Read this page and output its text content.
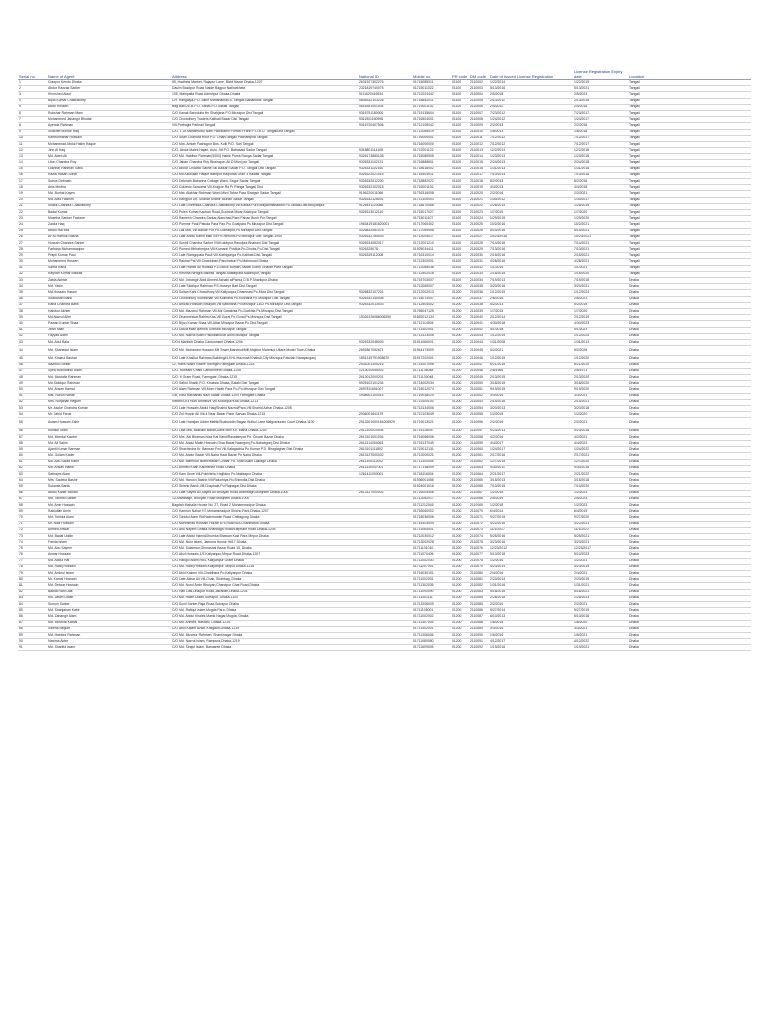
Serial no	Name of Agent	Address	National ID	Mobile no.	PR code	DM code	Date of Issued License Registration	License Registration Expiry date	Location
1	Golapur Kendo Dhaka	55, Hadheia Market, Rajapur Lane, Bizid Nazar Dhaka-1207	2631927302276	01715085011	01100	2110002	1/22/2014	1/22/2019	Tangail
2	Abdur Razzak Sarker	Daulin Bazdpur Road Nalde Bagpur Natharkhela	2321819740075	01715011022	01100	2110003	5/13/2016	5/13/2021	Tangail
3	Khorshed Alam	105, Mahipalta Road Adrishpur Dhaka-Dhaka	9111620416934	01712024442	01100	2110004	2/5/2018	2/5/2023	Tangail
4	Bipal Kumar Chakraborty	CH. Rangalya-P.O. Bilbir Mahahathali-S. Tangail Badabhkai Tangail	0605332103228	01718852011	01100	2110005	2/13/2011	2/13/2016	Tangail
5	Abdo Hossen	Bag Bari/2E.B.P.O. Sanat-P.O.Sastai Tangail	0616351001004	01719001102	01100	2110006	2/4/2011	2/4/2016	Tangail
6	Rokshar Rahman Mam	C/O Kanak Barodulla Hn Shahjana P.O.Mirzapur Dist Tangail	9316751180000	01715135604	01100	2110007	7/23/2012	7/23/2017	Tangail
7	Mohammed Jahangir Bhodal	C/O Chowdhury Traders Kalihati Bazar Dist Tangail	9311901150998	01716504001	01100	2110008	1/24/2012	1/24/2017	Tangail
8	Ayenda Rahman	Vill-Porbogbi Pathrail Tangail	9316720407506	01712105042	01100	2110009	2/2/2013	2/2/2018	Tangail
9	Shakhet Molhur Haq	C/O. L.Dr.Mahamudul Nabi Pachbabhi Pumbo Pranh P.O.B.O. TangailDist Tangail		01712085019	01100	2110010	1/8/2013	1/8/2018	Tangail
10	Kamrunnahar Hossain	C/O Shah Chandra Roof P.O. DhaniTangail Pachabtpha Tangail		01716000001	01100	2110011	7/12/2012	7/12/2017	Tangail
11	Mohammad Abdul Halim Haque	C/O Mot. Amlah Fashiqpur Bus. Koill P/O. Sari Tangail		01716000000	01100	2110012	7/12/2012	7/12/2017	Tangail
12	Jinn Al Haq	C/O. Abdul Malek Hajari, Ashi, Jitt P.O. Babasaid Sadar Tangail	9318801114108	01712001122	01100	2110013	12/2/2013	12/2/2018	Tangail
13	Md. Abed Ali	C/O Md. Habibur Rahman(9000) Habib Pumb Ranga Sadar Tangail	9326174880108	01715080905	01100	2110014	1/23/2013	1/23/2018	Tangail
14	Liton Chandra Roy	C/O Jaban Chandra Roy Bhairapur. Ali D Mizd pur Tangail	9326331102131	01716888601	01100	2110015	2/24/2013	2/24/2018	Tangail
15	Lokhnar Rahman Sabu	C/O Abdur Chowdo Saline Sill Balkan Sadar P.O. Tangail Dist Tangail	9326331102160	01718616002	01100	2110016	1/31/2013	1/31/2018	Tangail
16	Razia Hasan Sohel	C/O Md Azidullah Haque Batirpur Haipuraa Gran 3 Hawas Tangail	9326322021016	01716403011	01100	2110017	7/10/2013	7/10/2018	Tangail
17	Subus Debnath	C/O Debnath Babarina Collage Ward, Sagor Sadar Tangail	9326332012200	01718882022	01100	2110018	8/2/2013	8/2/2018	Tangail
18	Anis Mridha	C/O Golzedo Sarauma Vill-Krajpur Ra Pr Ranga Tangail Dist	9326332102015	01716001102	01100	2110019	4/4/2013	4/4/2018	Tangail
19	Md. Borhal Kayes	C/O Mst. Alakhar Rahman Word Mizd Tahar Para Siraigsh Sadar Tangail	9196220011066	01716316008	01100	2110020	2/2/2016	2/2/2021	Tangail
20	Md. Abul Hashim	C/O Rangpur Dir. Shahar Shahir Bluhan Sadar Tangail	9326332128001	01713100003	01100	2110021	1/30/2012	1/30/2017	Tangail
21	Shakti Chandra Chakraborty	C/O Late Dhirendra Chandra Chakraborty.Vill:Kanka Pur,Bhuiyanmahalbari Po.Tantail,Dist:Bhuyanpur	9126441120086	01718670066	01100	2110022	1/26/2014	1/26/2019	Tangail
22	Badal Kumar	C/O Pulen Kumar,Kachari Road,Guchina Mizar,Sakhipur Tangail	9326313012110	01715017027	01100	2110023	1/7/2015	1/7/2020	Tangail
23	Mosrtha Sanker Fazlane	C/O Ramesh Chandra Sarkar,Alanchad,Ram Pahan Bush Pur.Tangail		01715011107	01100	2110024	1/29/2015	1/29/2020	Tangail
24	Zaidul Haq	C/O Pommir Paul Patuda Para Pao.Pio Goalpara Ps.Mirzapur Dist.Tangail	1963419181820001	01717060402	01100	2110025	10/2/2016	10/2/2021	Tangail
25	Abdul Hai Mia	C/O Lall Mia, Vill.Bahair Pur,Po-Gomarpur,Ps.Mirzapur,Dist.Tangail	9326832081078	01717065068	01100	2110026	5/14/2016	5/14/2021	Tangail
26	AF.M Harnuk Rasha	C/O Late Abdul Karim Mali Vill Po-Heroms Po Mirzapur Dist Tangail-1944	9326332784003	01712004017	01100	2110027	10/23/2016	10/23/2021	Tangail
27	Hossan Chandra Sarker	C/O Sushil Chandra Sarker Vill:Kutubpur,Rasulpur,Bhabani Dist Tangail	9326334082017	01712001210	01100	2110028	7/14/2016	7/14/2021	Tangail
28	Farhana Mohammadpur	C/O Pumed Mirhahmipur,Vill:Kumarin Postkia Po-Dhobs,Po.Dist.Tangail	9326325078	01925034411	01100	2110029	7/13/2016	7/13/2021	Tangail
29	Prapti Kumar Paul	C/O Late Ramgopala Pauli Vill-Kathigonga Po-Kalihati.Dist.Tangail	9326339112008	01716310014	01100	2110030	2/15/2016	2/15/2021	Tangail
30	Mohammed Hossen	C/O Rakhal Pal.Vill:Chaidubari-Panchaburi Po.Mahmood Dhaka		01712302001	01100	2110031	4/28/2016	4/28/2021	Tangail
31	Sahra Rana	C/O Late Hamid Ali Howlad P.O.Block Buman, Mawli Gohni Ghalan Para Tangail		01712085036	01100	2110032	1/1/2016	1/1/2021	Tangail
32	Rayhan Kumar Biswas	C/O Krishna Nengra Biswas Tangail Adalatpara,Madhupur,Tangail		01712502018	01100	2110033	1/15/2015	1/15/2020	Tangail
33	Zabla Akhtar	C/O Md. Johangir Abdl,Ahmed Ashabi alPamul O.B.P.Sharikpur.Dhaka		01715703007	01100	2110034	7/19/2013	7/19/2018	Dhaka
34	Md. Yasin	C/O Late Siddiqur Rahman P.S.Huseyn Bari Dist.Tangail		01712065007	01200	2110035	3/20/2016	3/20/2021	Dhaka
35	Md.Hossain Hasan	C/O Sultan Kahi Chowdhury,Vill Kaliyanpur,Dhamnasi Po-Mizd Dist.Tangail	9326832107201	01712002013	01200	2110036	1/12/2019	1/12/2024	Dhaka
36	Shahdhan Barik	C/O Chowdhury Sumekhan Vill Kuliharia Po-Kuliharia Po.Mirzapur Dist Tangail	9326332140008	01715074007	01200	2110037	2/6/2016	2/6/2021	Dhaka
37	Rana Chandra Barik	C/O Amzad Hossain Bhuiyan,Vill:Satkharia Po:Mirzapur 1302 Ps.Mirzapur Dist.Tangail	9326332013003	01712504002	01200	2110038	5/2/2013	5/2/2018	Dhaka
38	Habibur Akhter	C/O Md. Mazarul Rahman Vill-Mir Darakhta Po-Darkhta Ps.Mirzapur,Dist.Tangail		01765047125	01200	2110039	1/7/2015	1/7/2020	Dhaka
39	Md.Nazrul Alim	C/O Dhaneshwar,Rahim,Kha,Vill:Gorai,Po.Gorai,Ps.Mirzapur,Dist.Tangail	19326126086006290	01652012134	01200	2110040	2/12/2014	2/12/2019	Dhaka
40	Pawan Kumar Shaa	C/O Bijon Kumar Shaa,Vill-Uttar Mirzapur Bazar,Po.Dist.Tangail		01712114504	01200	2110041	4/30/2018	4/30/2023	Dhaka
41	Jiosh Mian	C/O Doula Miah Bertola Gotnala Mirzapur Tangail		01711402041	01200	2110042	5/1/2018	5/1/2023	Dhaka
42	Fayyad Alam	C/O Md. Nazrul Islam Pachalkbonar Alom Mizapur Tangail		01713123006	01200	2110043	1/12/2019	1/12/2024	Dhaka
43	Md. Abul Bala	C/O4 Mahbub Dhaka Cantonment Dhaka-1206	9326332048003	01911066001	01200	2110044	1/31/2008	1/31/2013	Dhaka
44	Md. Shahedul Islam	C/O Md. Mohamed Hossain,Mil Tower,Mahmud/Mill,Mojibur Mahmud,Uttara Model Town,Dhaka	2692867052671	01944173009	01200	2110045	5/2/2021	5/2/2026	Dhaka
45	Md. Khairul Bashar	C/O Late Khalilur Rahman,Building#1,KHL/Hazmaa Khabuli,City Mirzapur,Fatullah Narayanganj	1891319791908670	01917202001	01200	2110046	1/12/2015	1/12/2020	Dhaka
46	Nazmul Sorkar	12, Hans Nazni Razhe Rd/ingth Farmgate Dhaka-1215	2531001405216	01715207098	01200	2110047	6/21/2015	6/21/2020	Dhaka
47	Syed Mohiddinul Alam	C/O. Mohtahr Chabi Cantonment Dhaka-1206	1213010055002	01711136048	01200	2110048	2/8/1966	2/8/1971	Dhaka
48	Md. Mostafiz Rahman	C/O. 6 Gram Road, Farmgate, Dhaka-1215	2613012000201	01711130048	01200	2110049	2/13/2015	2/13/2020	Dhaka
49	Md Siddiqur Rahman	C/O Sahid Shabb P.O. Khuksia Dhaka, Balaki Dist Tangail	5925102101234	01714002034	01200	2110050	3/18/2015	3/18/2020	Dhaka
50	Md. Ahsan Kamal	C/O Alam Rahman Vill-Mom Habib Para Po-Po Mirzapur Dist Tangail	2697811651007	01715012074	01200	2110051	9/19/2015	9/19/2020	Dhaka
51	Mst. Nurun Nahar	1/B, East Hasnahas Nazi Sadar Dhaka 1209 Farmgate Dhaka	1938902100014	01719038020	01200	2110052	3/3/2016	3/3/2021	Dhaka
52	Mrs. Nurjahan Begum	Rebbh/Ch3 Ruhi Ahmed/4 Vill-Kutubpur/Kha Dhaka-1213		01711400103	01200	2110053	2/14/2016	2/14/2021	Dhaka
53	Mr. Asoke Chandra Kumar	C/O Late Hussain Abdul Haq/Shahid Nazrul/Para,Vill:Shahid Azhar Dhaka-1208		01713134006	01200	2110054	3/20/2013	3/20/2018	Dhaka
54	Mr. Jahid Faruk	C/O Zul Hosnir Ali Vill-4 Near Bazar Pabir Sarvas Dhaka-1215	2936001841175	01712103049	01200	2110055	1/2/2015	1/2/2020	Dhaka
55	Aslam Hossain Zakir	C/O Late Hamijan Uddin Mallik/Shabuddin Bagan Bulbul Lane Nalgoshurain Court Dhaka-1100	2513201000181005929	01719013021	01200	2110056	2/2/2016	2/2/2021	Dhaka
56	Munsur Miah	C/O Lala Mia, Bakhani Bahar,Darik Mini Kh. Mana Dhaka-1200	2912100020004	01715128057	01200	2110057	9/23/2013	9/23/2018	Dhaka
57	Md. Mondal Kacem	C/O Mrs. Aki Bhaman Niaz Kal Kanit/Ravalamyar Po. Chowk Bazar Dhaka	2613101001004	01716066006	01200	2110058	4/2/2016	4/2/2021	Dhaka
58	Md. Ali Salim	C/O Md. Abdul Matin,Hossain Ghat Bazar,Nazirgonj,Po.Nababgonj,Dist.Dhaka	2611314004063	01715137049	01200	2110059	4/4/2017	4/4/2022	Dhaka
59	Ajanti Kumar Barman	C/O Shachindra Kr. Barman Fmi Vill-Kalagachia Po Kumar P.D. Bhagtaghar Dist Dhaka	2613101111802	01715012131	01200	2110060	1/24/2017	1/24/2022	Dhaka
60	Md. Golam Kader	C/O Md. Abdur Bazar Vill-Naha Haat Bazar Po Naha Dhaka	2613127000002	01712000021	01200	2110061	2/17/2016	2/17/2021	Dhaka
61	Md. Abu Sidad Kabir	C/O Md. Mahmud Islam/Hasan Chatar Po. Shah Alam Lalbagh Dhaka	2611305112002	01711300405	01200	2110062	12/7/2015	12/7/2020	Dhaka
62	Md. Ahsan Habib	C/O Ahmed Khan Kalimshen Road Dhaka	2611330047001	01717138009	01200	2110063	9/30/2011	9/30/2016	Dhaka
63	Sabrajmi Alam	C/O Kam Sene Vill-Pokhiteho Hajikiloo Po.Makkapur Dhaka	1261411000001	01718116004	01200	2110064	2/21/2017	2/21/2022	Dhaka
64	Mrs. Sadeka Bashir	C/O Md. Haroon Bashir,Vill:Raluchiya,Po:Shimulia,Dist.Dhaka		01936001086	01200	2110065	3/15/2013	3/15/2018	Dhaka
65	Sukanta Banik	C/O Shishir Banik,Vill:Chapkala,Po:Rajnagar,Dist:Dhaka		01924001016	01200	2110066	7/10/2015	7/10/2020	Dhaka
66	Abdul Kader Mollah	C/O Late Sayed Ali,Sayed Ali Bhuiyan Road Arambagh,Motijheel Dhaka-1000	2613127000002	01716004406	01200	2110067	1/2/2018	1/2/2023	Dhaka
67	Md. Tahmid Sarker	12 Arambagh, Bhuiyan Road Motijheel Dhaka-1000		01712082017	01200	2110068	2/5/2019	2/5/2024	Dhaka
68	Md. Amir Hossain	Bagdah Mahalla House No. 27, Road 2 Mohammadpur Dhaka		01711212045	01200	2110069	1/2/2018	1/2/2023	Dhaka
69	Rabiullah Amin	C/O Kamrun Nahar H7,Mohammadpur Shishu Park,Dhaka-1207		01716060002	01200	2110070	6/4/2014	6/4/2019	Dhaka
70	Md. Tohidul Alam	C/O Tohidul Alam Rd/Nazimuddin Road Chittagong Dhaka		01718036006	01200	2110071	9/27/2015	9/27/2020	Dhaka
71	Mr. Niaz Hossain	C/O Mohmmad Hossain.House #75,Road 6/A Dhanmondi Dhaka		01715303004	01200	2110072	4/22/2016	4/22/2021	Dhaka
72	Ahmed Anwar	C/O Abu Nayem Dhaka Shahbagh Road/Elephant Road Dhaka-1205		01711064001	01200	2110073	11/1/2017	11/1/2022	Dhaka
73	Md. Badal Uddin	C/O Late Abdul Hamid/Jhumka Bhawan Kazi Para Mirpur Dhaka		01712030012	01200	2110074	5/25/2016	5/25/2021	Dhaka
74	Farida Islam	C/O Md. Noor Islam, Jamuna House H#17 Dhaka		01713002028	01200	2110075	3/23/2016	3/23/2021	Dhaka
75	Md. Abu Sayem	C/O Md. Sulaiman,Ghorashal Bazar Road 15, Dhaka		01711101010	01200	2110076	12/23/2012	12/23/2017	Dhaka
76	Anwar Hossain	C/O Abul Hossain,1/3 Kallyanpur,Mirpur Road,Dhaka-1207		01711070406	01200	2110077	5/10/2018	5/10/2023	Dhaka
77	Md. Abdul Hai	C/O Rafiqul Islam H#4, Kallyanpur Gram Dhaka		01711002030	01200	2110078	1/2/2016	1/2/2021	Dhaka
78	Md. Rafiq Hossain	C/O Md. Rafiq Hossain,Kallyanpur, Mirpur,Dhaka-1216		01711207001	01200	2110079	4/23/2014	4/23/2019	Dhaka
79	Md. Aminul Islam	C/O Abul Kasem Vill-Chaldhara Po.Kallyanpur Dhaka		01716030101	01200	2110080	2/4/2016	2/4/2021	Dhaka
80	Mr. Kamal Hossain	C/O Late Akbar Ali Vill-Chak, Shahbag, Dhaka		01711002031	01200	2110081	2/20/2014	2/20/2019	Dhaka
81	Md. Delwar Hossain	C/O Md. Nurul Amin Bhuiyan,Chandpur Ghat Road,Dhaka		01711302035	01200	2110082	1/31/2016	1/31/2021	Dhaka
82	Babita Rani Das	C/O Hari Das,Dhalpur Road,Jatrabari,Dhaka-1204		01711090090	01200	2110083	5/18/2016	5/18/2021	Dhaka
83	Md. Jasim Uddin	C/O Md. Halim Uddin,Sutrapur, Dhaka-1100		01711001111	01200	2110084	2/26/2018	2/26/2023	Dhaka
84	Sumon Sarker	C/O Sunil Sarker,Raja Road,Sutrapur Dhaka		01713206009	01200	2110085	2/2/2016	2/2/2021	Dhaka
85	Md. Shahjahan Kabir	C/O Md. Rafiqul Islam,Mugda Para, Dhaka		01711105001	01200	2110086	5/27/2014	5/27/2019	Dhaka
86	Md. Zahangir Alam	C/O Md. Abdul Khalek,Manik Nagar,Mugda, Dhaka		01711002002	01200	2110087	6/10/2013	6/10/2018	Dhaka
87	Md. Mostofa Kamal	C/O Md. Ahmed, Basabo, Dhaka-1214		01711307005	01200	2110088	1/8/2015	1/8/2020	Dhaka
88	Saleha Begum	C/O Abul Kalam Azad, Khilgaon,Dhaka-1219		01711402001	01200	2110089	3/3/2016	3/3/2021	Dhaka
89	Md. Habibur Rahman	C/O Md. Mizanur Rahman, Shantinagar Dhaka		01711306006	01200	2110090	1/6/2016	1/6/2021	Dhaka
90	Nasima Akter	C/O Md. Nazrul Islam, Rampura,Dhaka-1219		01711080080	01200	2110091	4/12/2017	4/12/2022	Dhaka
91	Md. Shariful Islam	C/O Md. Sirajul Islam, Banasree Dhaka		01711609006	01200	2110092	1/19/2016	1/19/2021	Dhaka
